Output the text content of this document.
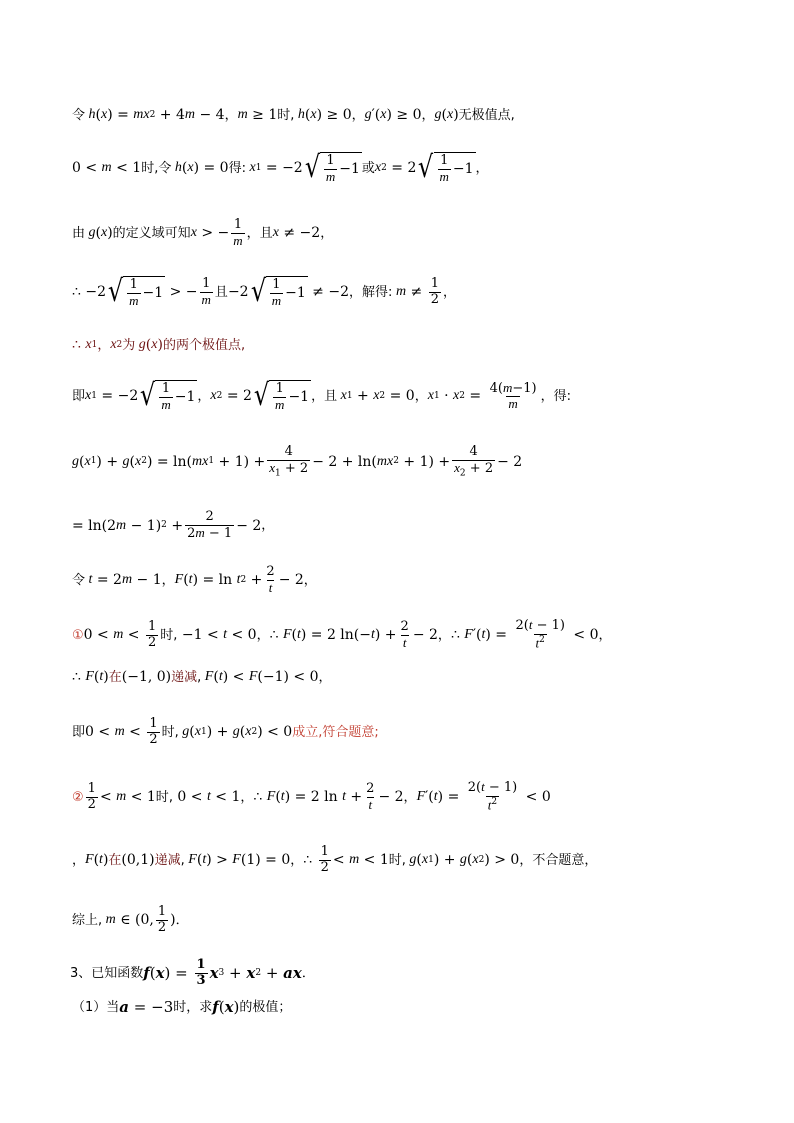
令 h ( x ) = mx 2 + 4 m − 4 ， m ≥ 1 时 , h ( x ) ≥ 0 ， g ′( x ) ≥ 0 ， g ( x ) 无极值点 ,
0 < m < 1 时 , 令 h ( x ) = 0 得 : x 1 = −2 √ $\frac{1}{m} -1$ 或 x 2 = 2 √ $\frac{1}{m} -1$ ，
由 g ( x ) 的定义域可知 x > − $\frac{1}{m}$ ， 且 x ≠ −2 ，
∴ −2 √ $\frac{1}{m} -1$ > − $\frac{1}{m}$ 且 −2 √ $\frac{1}{m} -1 \ne -2$ ， 解得 : $m \ne \frac{1}{2}$ ，
∴ x 1 ， x 2 为 g ( x ) 的两个极值点 ,
即 x 1 = −2 √ $\frac{1}{m} -1$ ， x 2 = 2 √ $\frac{1}{m} -1$ ， 且 x 1 + x 2 = 0 ， x 1 · x $2 = \frac{4(m-1)}{m}$ ， 得 :
g ( x 1 ) + g ( x 2 ) = ln( mx $1 + 1) + \frac{4}{x_1 + 2} - 2 + \ln$( mx $2 + 1) + \frac{4}{x_2 + 2} - 2$
= ln(2 m − 1) $2 + \frac{2}{2m - 1} - 2$ ，
令 t = 2 m − 1 ， F ( t ) = ln t $2 + \frac{2}{t} - 2$ ，
① $0 < m < \frac{1}{2}$ 时 , −1 < t < 0 ， ∴ F ( t ) = 2 ln(− t ) + $\frac{2}{t} - 2$ ， ∴ F ′( t ) = $\frac{2(t - 1)}{t^2} < 0$ ，
∴ F ( t ) 在 (−1, 0) 递减 , F ( t ) < F (−1) < 0 ，
即 $0 < m < \frac{1}{2}$ 时 , g ( x 1 ) + g ( x 2 ) < 0 成立 , 符合题意 ;
② $\frac{1}{2} < m < 1$ 时 , 0 < t < 1 ， ∴ F ( t ) = 2 $\ln t + \frac{2}{t} - 2$ ， F ′( t ) = $\frac{2(t - 1)}{t^2} < 0$
， F ( t ) 在 (0,1) 递减 , F ( t ) > F (1) = 0 ， ∴ $\frac{1}{2} < m < 1$ 时 , g ( x 1 ) + g ( x 2 ) > 0 ， 不合题意 ，
综上 , m ∈ (0, $\frac{1}{2}$ ) ．
3、已知函数 f ( x ) = $\frac{1}{3}$ x 3 + x 2 + ax ．
（1）当 a = −3 时，求 f ( x ) 的极值；
